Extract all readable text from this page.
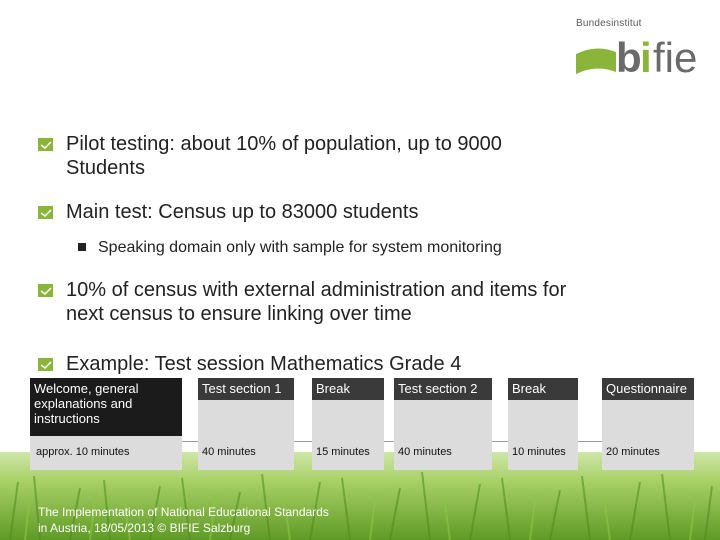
Bundesinstitut
b
i fie
Pilot testing: about 10% of population, up to 9000
Students
Main test: Census up to 83000 students
Speaking domain only with sample for system monitoring
10% of census with external administration and items for
next census to ensure linking over time
Example: Test session Mathematics Grade 4
Welcome, general explanations and instructions
approx. 10 minutes
Test section 1
40 minutes
Break
15 minutes
Test section 2
40 minutes
Break
10 minutes
Questionnaire
20 minutes
The Implementation of National Educational Standards
in Austria, 18/05/2013 © BIFIE Salzburg
